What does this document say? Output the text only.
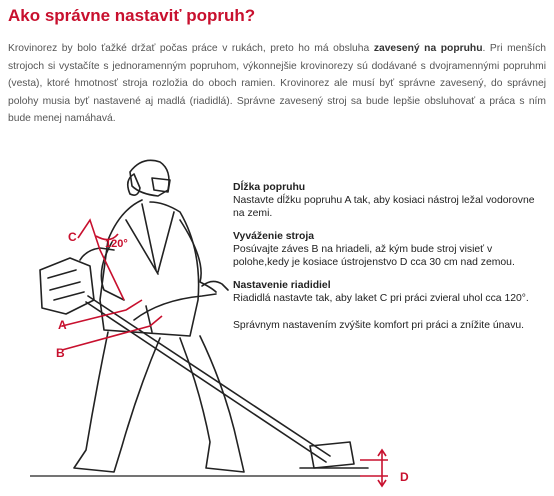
Ako správne nastaviť popruh?

Krovinorez by bolo ťažké držať počas práce v rukách, preto ho má obsluha zavesený na popruhu. Pri menších strojoch si vystačíte s jednoramenným popruhom, výkonnejšie krovinorezy sú dodávané s dvojramennými popruhmi (vesta), ktoré hmotnosť stroja rozložia do oboch ramien. Krovinorez ale musí byť správne zavesený, do správnej polohy musia byť nastavené aj madlá (riadidlá). Správne zavesený stroj sa bude lepšie obsluhovať a práca s ním bude menej namáhavá.

C	120°
A
B
D
Dĺžka popruhu
Nastavte dĺžku popruhu A tak, aby kosiaci nástroj ležal vodorovne na zemi.
Vyváženie stroja
Posúvajte záves B na hriadeli, až kým bude stroj visieť v polohe,kedy je kosiace ústrojenstvo D cca 30 cm nad zemou.
Nastavenie riadidiel
Riadidlá nastavte tak, aby laket C pri práci zvieral uhol cca 120°.
Správnym nastavením zvýšite komfort pri práci a znížite únavu.
